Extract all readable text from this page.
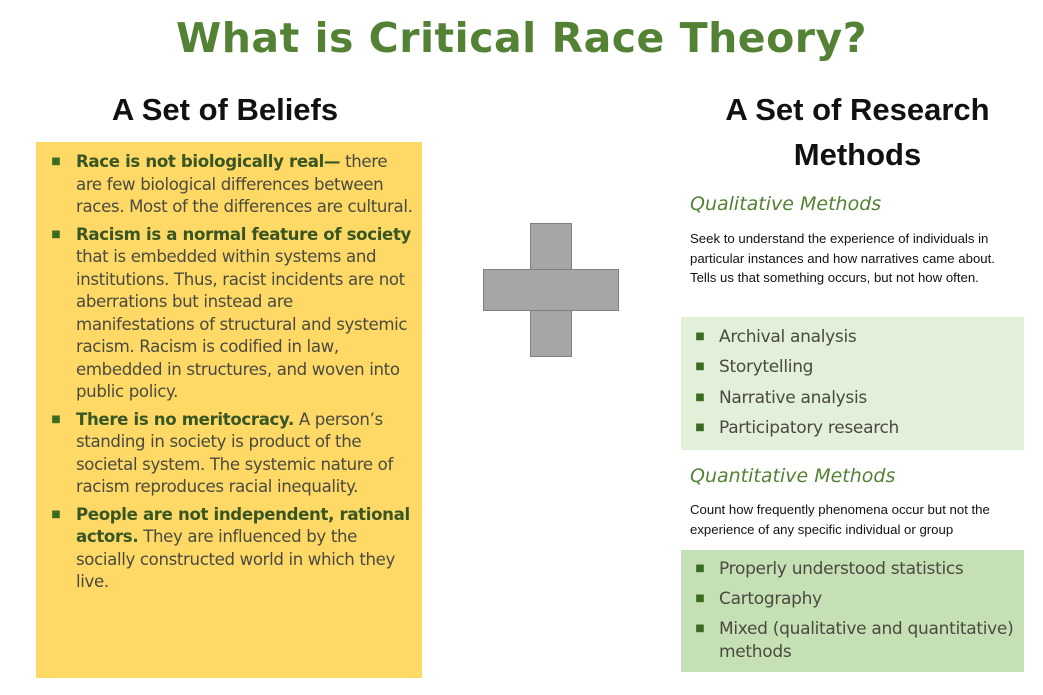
What is Critical Race Theory?
A Set of Beliefs	A Set of Research Methods
■ Race is not biologically real— there are few biological differences between races. Most of the differences are cultural.
■ Racism is a normal feature of society that is embedded within systems and institutions. Thus, racist incidents are not aberrations but instead are manifestations of structural and systemic racism. Racism is codified in law, embedded in structures, and woven into public policy.
■ There is no meritocracy. A person’s standing in society is product of the societal system. The systemic nature of racism reproduces racial inequality.
■ People are not independent, rational actors. They are influenced by the socially constructed world in which they live.
Qualitative Methods
Seek to understand the experience of individuals in particular instances and how narratives came about. Tells us that something occurs, but not how often.
■ Archival analysis
■ Storytelling
■ Narrative analysis
■ Participatory research
Quantitative Methods
Count how frequently phenomena occur but not the experience of any specific individual or group
■ Properly understood statistics
■ Cartography
■ Mixed (qualitative and quantitative) methods
